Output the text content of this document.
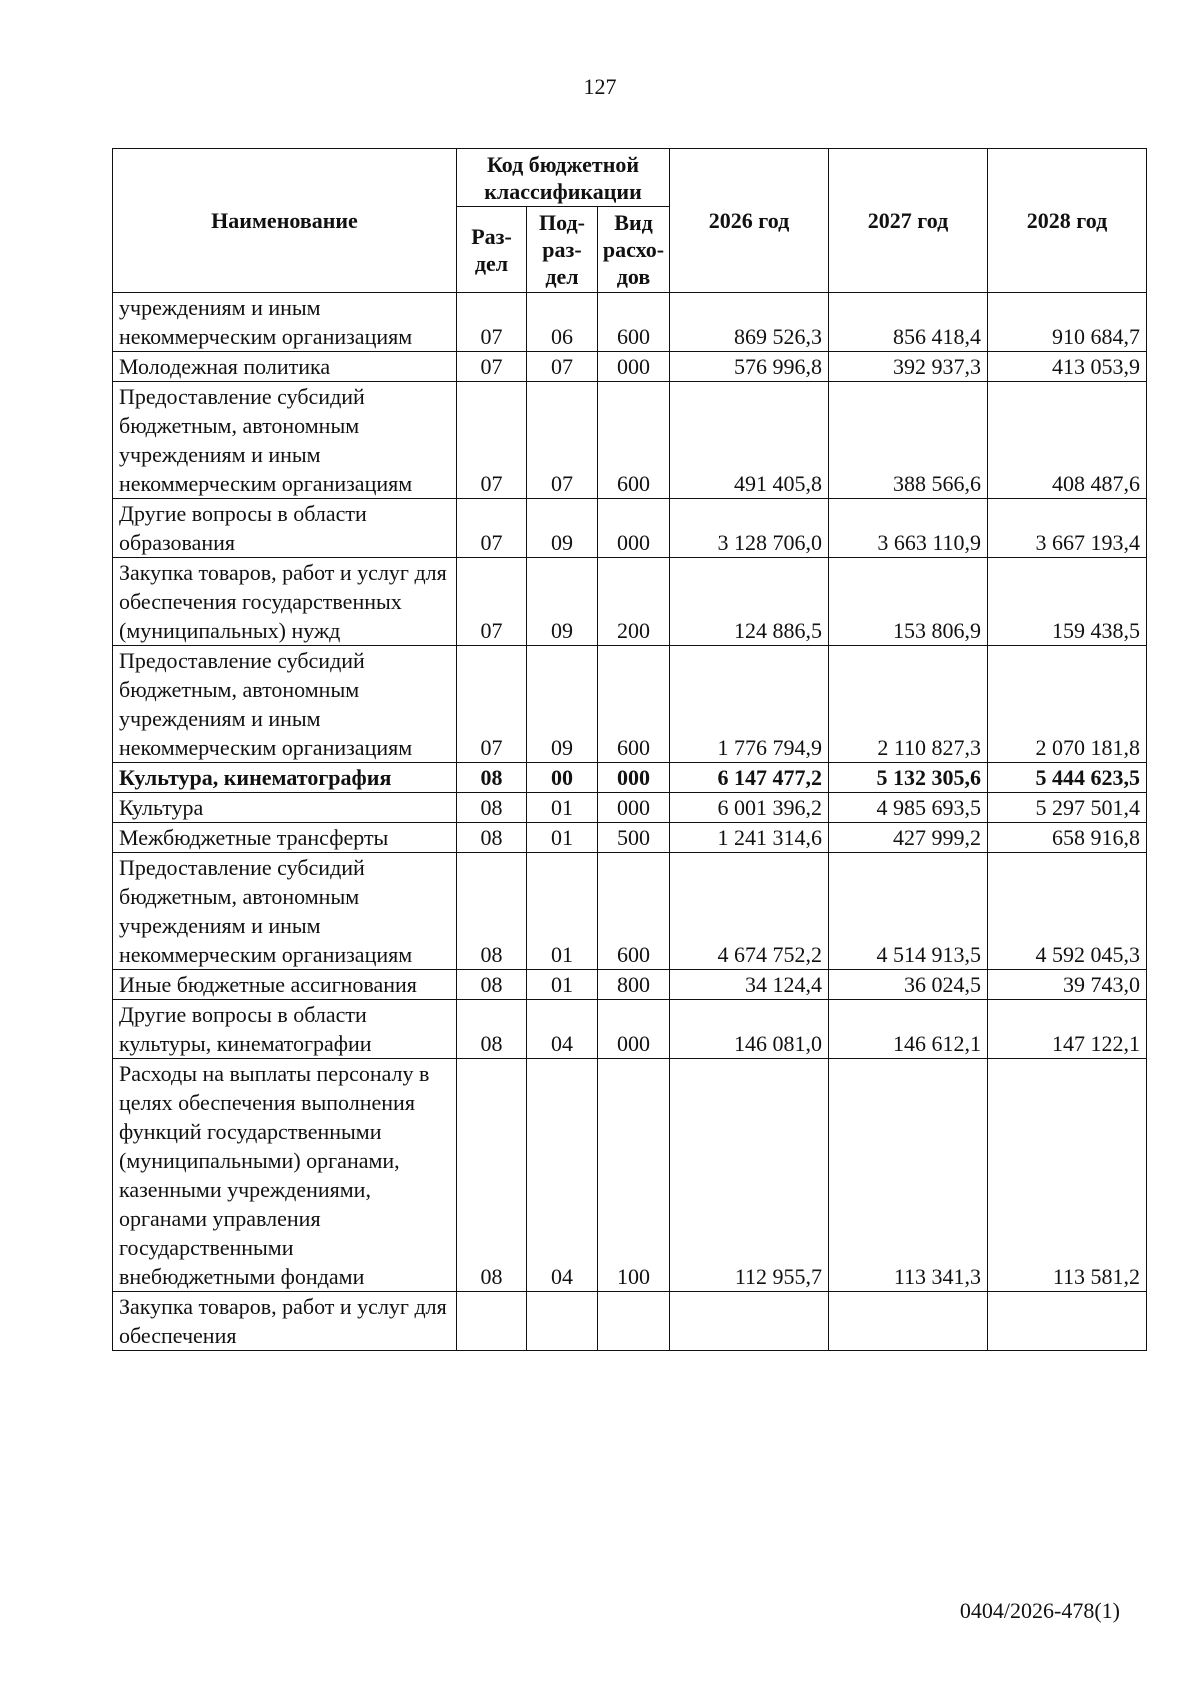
127
Наименование	Код бюджетной классификации			2026 год	2027 год	2028 год
	Раз- дел	Под- раз- дел	Вид расхо- дов			
учреждениям и иным некоммерческим организациям	07	06	600	869 526,3	856 418,4	910 684,7
Молодежная политика	07	07	000	576 996,8	392 937,3	413 053,9
Предоставление субсидий бюджетным, автономным учреждениям и иным некоммерческим организациям	07	07	600	491 405,8	388 566,6	408 487,6
Другие вопросы в области образования	07	09	000	3 128 706,0	3 663 110,9	3 667 193,4
Закупка товаров, работ и услуг для обеспечения государственных (муниципальных) нужд	07	09	200	124 886,5	153 806,9	159 438,5
Предоставление субсидий бюджетным, автономным учреждениям и иным некоммерческим организациям	07	09	600	1 776 794,9	2 110 827,3	2 070 181,8
Культура, кинематография	08	00	000	6 147 477,2	5 132 305,6	5 444 623,5
Культура	08	01	000	6 001 396,2	4 985 693,5	5 297 501,4
Межбюджетные трансферты	08	01	500	1 241 314,6	427 999,2	658 916,8
Предоставление субсидий бюджетным, автономным учреждениям и иным некоммерческим организациям	08	01	600	4 674 752,2	4 514 913,5	4 592 045,3
Иные бюджетные ассигнования	08	01	800	34 124,4	36 024,5	39 743,0
Другие вопросы в области культуры, кинематографии	08	04	000	146 081,0	146 612,1	147 122,1
Расходы на выплаты персоналу в целях обеспечения выполнения функций государственными (муниципальными) органами, казенными учреждениями, органами управления государственными внебюджетными фондами	08	04	100	112 955,7	113 341,3	113 581,2
Закупка товаров, работ и услуг для обеспечения						
0404/2026-478(1)
